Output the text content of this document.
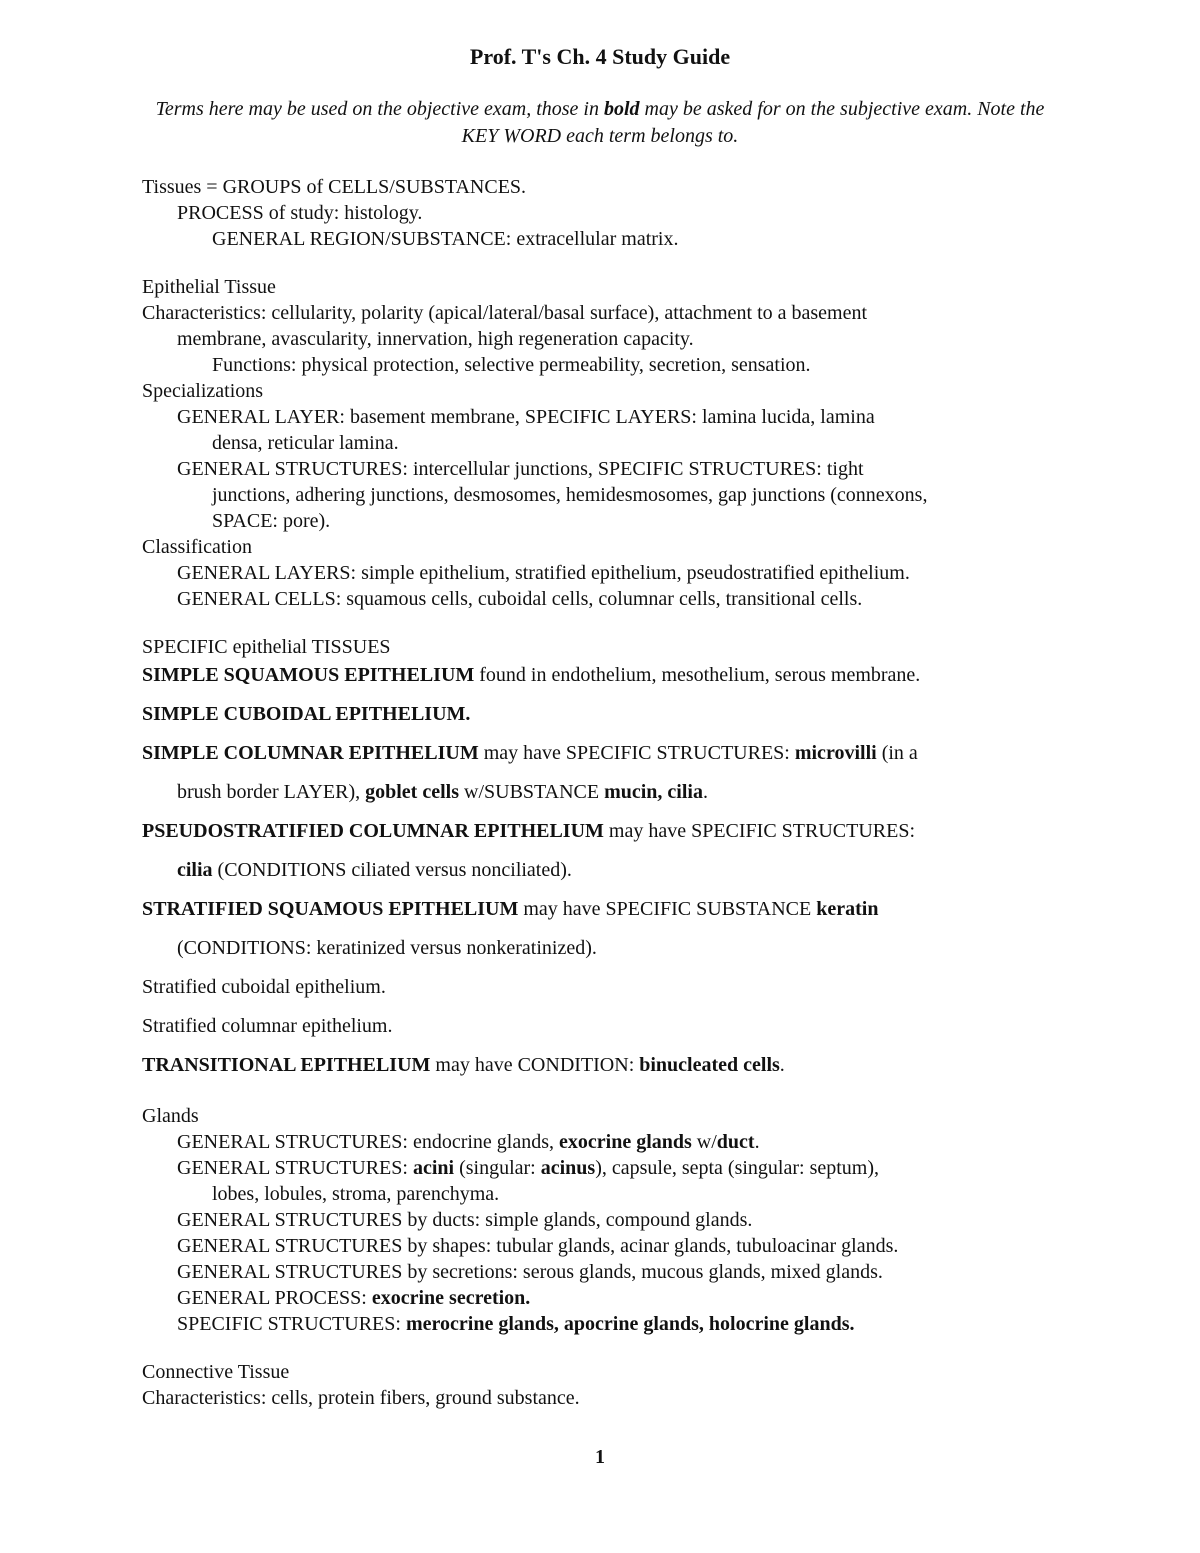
Prof. T's Ch. 4 Study Guide
Terms here may be used on the objective exam, those in bold may be asked for on the subjective exam. Note the KEY WORD each term belongs to.
Tissues = GROUPS of CELLS/SUBSTANCES.
PROCESS of study: histology.
GENERAL REGION/SUBSTANCE: extracellular matrix.
Epithelial Tissue
Characteristics: cellularity, polarity (apical/lateral/basal surface), attachment to a basement
membrane, avascularity, innervation, high regeneration capacity.
Functions: physical protection, selective permeability, secretion, sensation.
Specializations
GENERAL LAYER: basement membrane, SPECIFIC LAYERS: lamina lucida, lamina
densa, reticular lamina.
GENERAL STRUCTURES: intercellular junctions, SPECIFIC STRUCTURES: tight
junctions, adhering junctions, desmosomes, hemidesmosomes, gap junctions (connexons,
SPACE: pore).
Classification
GENERAL LAYERS: simple epithelium, stratified epithelium, pseudostratified epithelium.
GENERAL CELLS: squamous cells, cuboidal cells, columnar cells, transitional cells.
SPECIFIC epithelial TISSUES
SIMPLE SQUAMOUS EPITHELIUM found in endothelium, mesothelium, serous membrane.
SIMPLE CUBOIDAL EPITHELIUM.
SIMPLE COLUMNAR EPITHELIUM may have SPECIFIC STRUCTURES: microvilli (in a
brush border LAYER), goblet cells w/SUBSTANCE mucin, cilia.
PSEUDOSTRATIFIED COLUMNAR EPITHELIUM may have SPECIFIC STRUCTURES:
cilia (CONDITIONS ciliated versus nonciliated).
STRATIFIED SQUAMOUS EPITHELIUM may have SPECIFIC SUBSTANCE keratin
(CONDITIONS: keratinized versus nonkeratinized).
Stratified cuboidal epithelium.
Stratified columnar epithelium.
TRANSITIONAL EPITHELIUM may have CONDITION: binucleated cells.
Glands
GENERAL STRUCTURES: endocrine glands, exocrine glands w/duct.
GENERAL STRUCTURES: acini (singular: acinus), capsule, septa (singular: septum),
lobes, lobules, stroma, parenchyma.
GENERAL STRUCTURES by ducts: simple glands, compound glands.
GENERAL STRUCTURES by shapes: tubular glands, acinar glands, tubuloacinar glands.
GENERAL STRUCTURES by secretions: serous glands, mucous glands, mixed glands.
GENERAL PROCESS: exocrine secretion.
SPECIFIC STRUCTURES: merocrine glands, apocrine glands, holocrine glands.
Connective Tissue
Characteristics: cells, protein fibers, ground substance.
1
